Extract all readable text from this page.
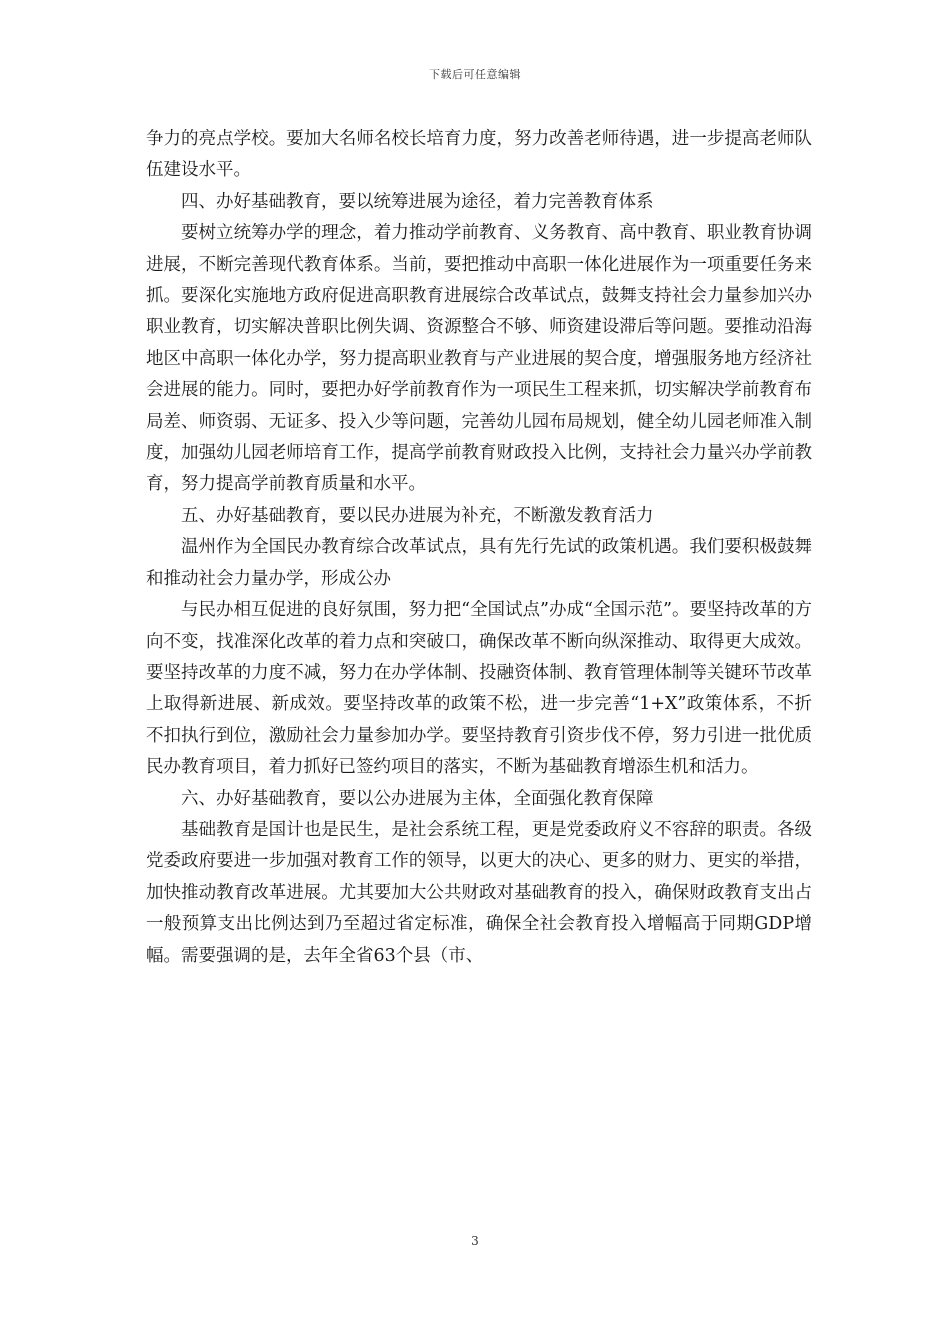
下载后可任意编辑

争力的亮点学校。要加大名师名校长培育力度，努力改善老师待遇，进一步提高老师队伍建设水平。

四、办好基础教育，要以统筹进展为途径，着力完善教育体系

要树立统筹办学的理念，着力推动学前教育、义务教育、高中教育、职业教育协调进展，不断完善现代教育体系。当前，要把推动中高职一体化进展作为一项重要任务来抓。要深化实施地方政府促进高职教育进展综合改革试点，鼓舞支持社会力量参加兴办职业教育，切实解决普职比例失调、资源整合不够、师资建设滞后等问题。要推动沿海地区中高职一体化办学，努力提高职业教育与产业进展的契合度，增强服务地方经济社会进展的能力。同时，要把办好学前教育作为一项民生工程来抓，切实解决学前教育布局差、师资弱、无证多、投入少等问题，完善幼儿园布局规划，健全幼儿园老师准入制度，加强幼儿园老师培育工作，提高学前教育财政投入比例，支持社会力量兴办学前教育，努力提高学前教育质量和水平。

五、办好基础教育，要以民办进展为补充，不断激发教育活力

温州作为全国民办教育综合改革试点，具有先行先试的政策机遇。我们要积极鼓舞和推动社会力量办学，形成公办

与民办相互促进的良好氛围，努力把“全国试点”办成“全国示范”。要坚持改革的方向不变，找准深化改革的着力点和突破口，确保改革不断向纵深推动、取得更大成效。要坚持改革的力度不减，努力在办学体制、投融资体制、教育管理体制等关键环节改革上取得新进展、新成效。要坚持改革的政策不松，进一步完善“1+X”政策体系，不折不扣执行到位，激励社会力量参加办学。要坚持教育引资步伐不停，努力引进一批优质民办教育项目，着力抓好已签约项目的落实，不断为基础教育增添生机和活力。

六、办好基础教育，要以公办进展为主体，全面强化教育保障

基础教育是国计也是民生，是社会系统工程，更是党委政府义不容辞的职责。各级党委政府要进一步加强对教育工作的领导，以更大的决心、更多的财力、更实的举措，加快推动教育改革进展。尤其要加大公共财政对基础教育的投入，确保财政教育支出占一般预算支出比例达到乃至超过省定标准，确保全社会教育投入增幅高于同期GDP增幅。需要强调的是，去年全省63个县（市、

3
